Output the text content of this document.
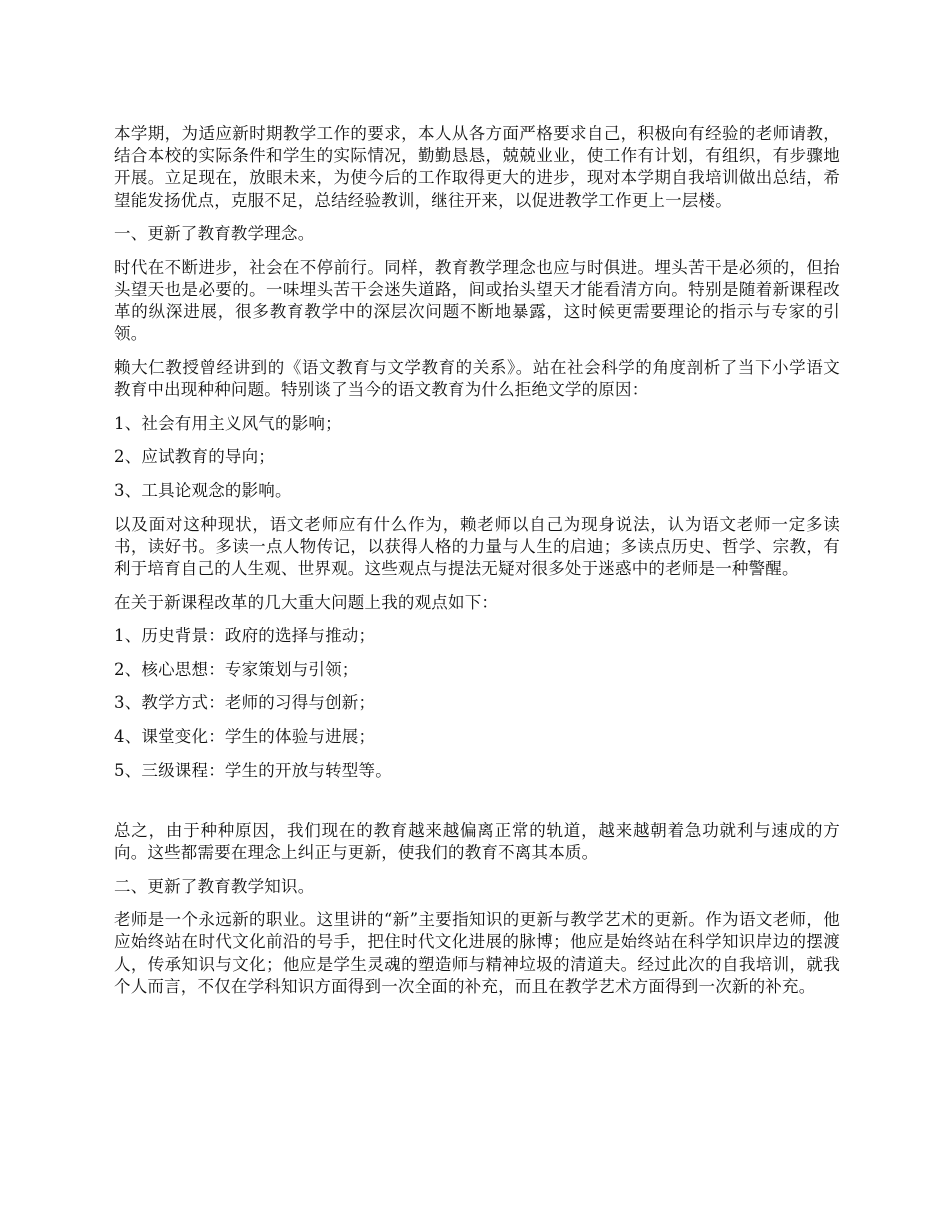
本学期，为适应新时期教学工作的要求，本人从各方面严格要求自己，积极向有经验的老师请教，结合本校的实际条件和学生的实际情况，勤勤恳恳，兢兢业业，使工作有计划，有组织，有步骤地开展。立足现在，放眼未来，为使今后的工作取得更大的进步，现对本学期自我培训做出总结，希望能发扬优点，克服不足，总结经验教训，继往开来，以促进教学工作更上一层楼。

一、更新了教育教学理念。

时代在不断进步，社会在不停前行。同样，教育教学理念也应与时俱进。埋头苦干是必须的，但抬头望天也是必要的。一味埋头苦干会迷失道路，间或抬头望天才能看清方向。特别是随着新课程改革的纵深进展，很多教育教学中的深层次问题不断地暴露，这时候更需要理论的指示与专家的引领。

赖大仁教授曾经讲到的《语文教育与文学教育的关系》。站在社会科学的角度剖析了当下小学语文教育中出现种种问题。特别谈了当今的语文教育为什么拒绝文学的原因：

1、社会有用主义风气的影响；

2、应试教育的导向；

3、工具论观念的影响。

以及面对这种现状，语文老师应有什么作为，赖老师以自己为现身说法，认为语文老师一定多读书，读好书。多读一点人物传记，以获得人格的力量与人生的启迪；多读点历史、哲学、宗教，有利于培育自己的人生观、世界观。这些观点与提法无疑对很多处于迷惑中的老师是一种警醒。

在关于新课程改革的几大重大问题上我的观点如下：

1、历史背景：政府的选择与推动；

2、核心思想：专家策划与引领；

3、教学方式：老师的习得与创新；

4、课堂变化：学生的体验与进展；

5、三级课程：学生的开放与转型等。

总之，由于种种原因，我们现在的教育越来越偏离正常的轨道，越来越朝着急功就利与速成的方向。这些都需要在理念上纠正与更新，使我们的教育不离其本质。

二、更新了教育教学知识。

老师是一个永远新的职业。这里讲的“新”主要指知识的更新与教学艺术的更新。作为语文老师，他应始终站在时代文化前沿的号手，把住时代文化进展的脉博；他应是始终站在科学知识岸边的摆渡人，传承知识与文化；他应是学生灵魂的塑造师与精神垃圾的清道夫。经过此次的自我培训，就我个人而言，不仅在学科知识方面得到一次全面的补充，而且在教学艺术方面得到一次新的补充。
